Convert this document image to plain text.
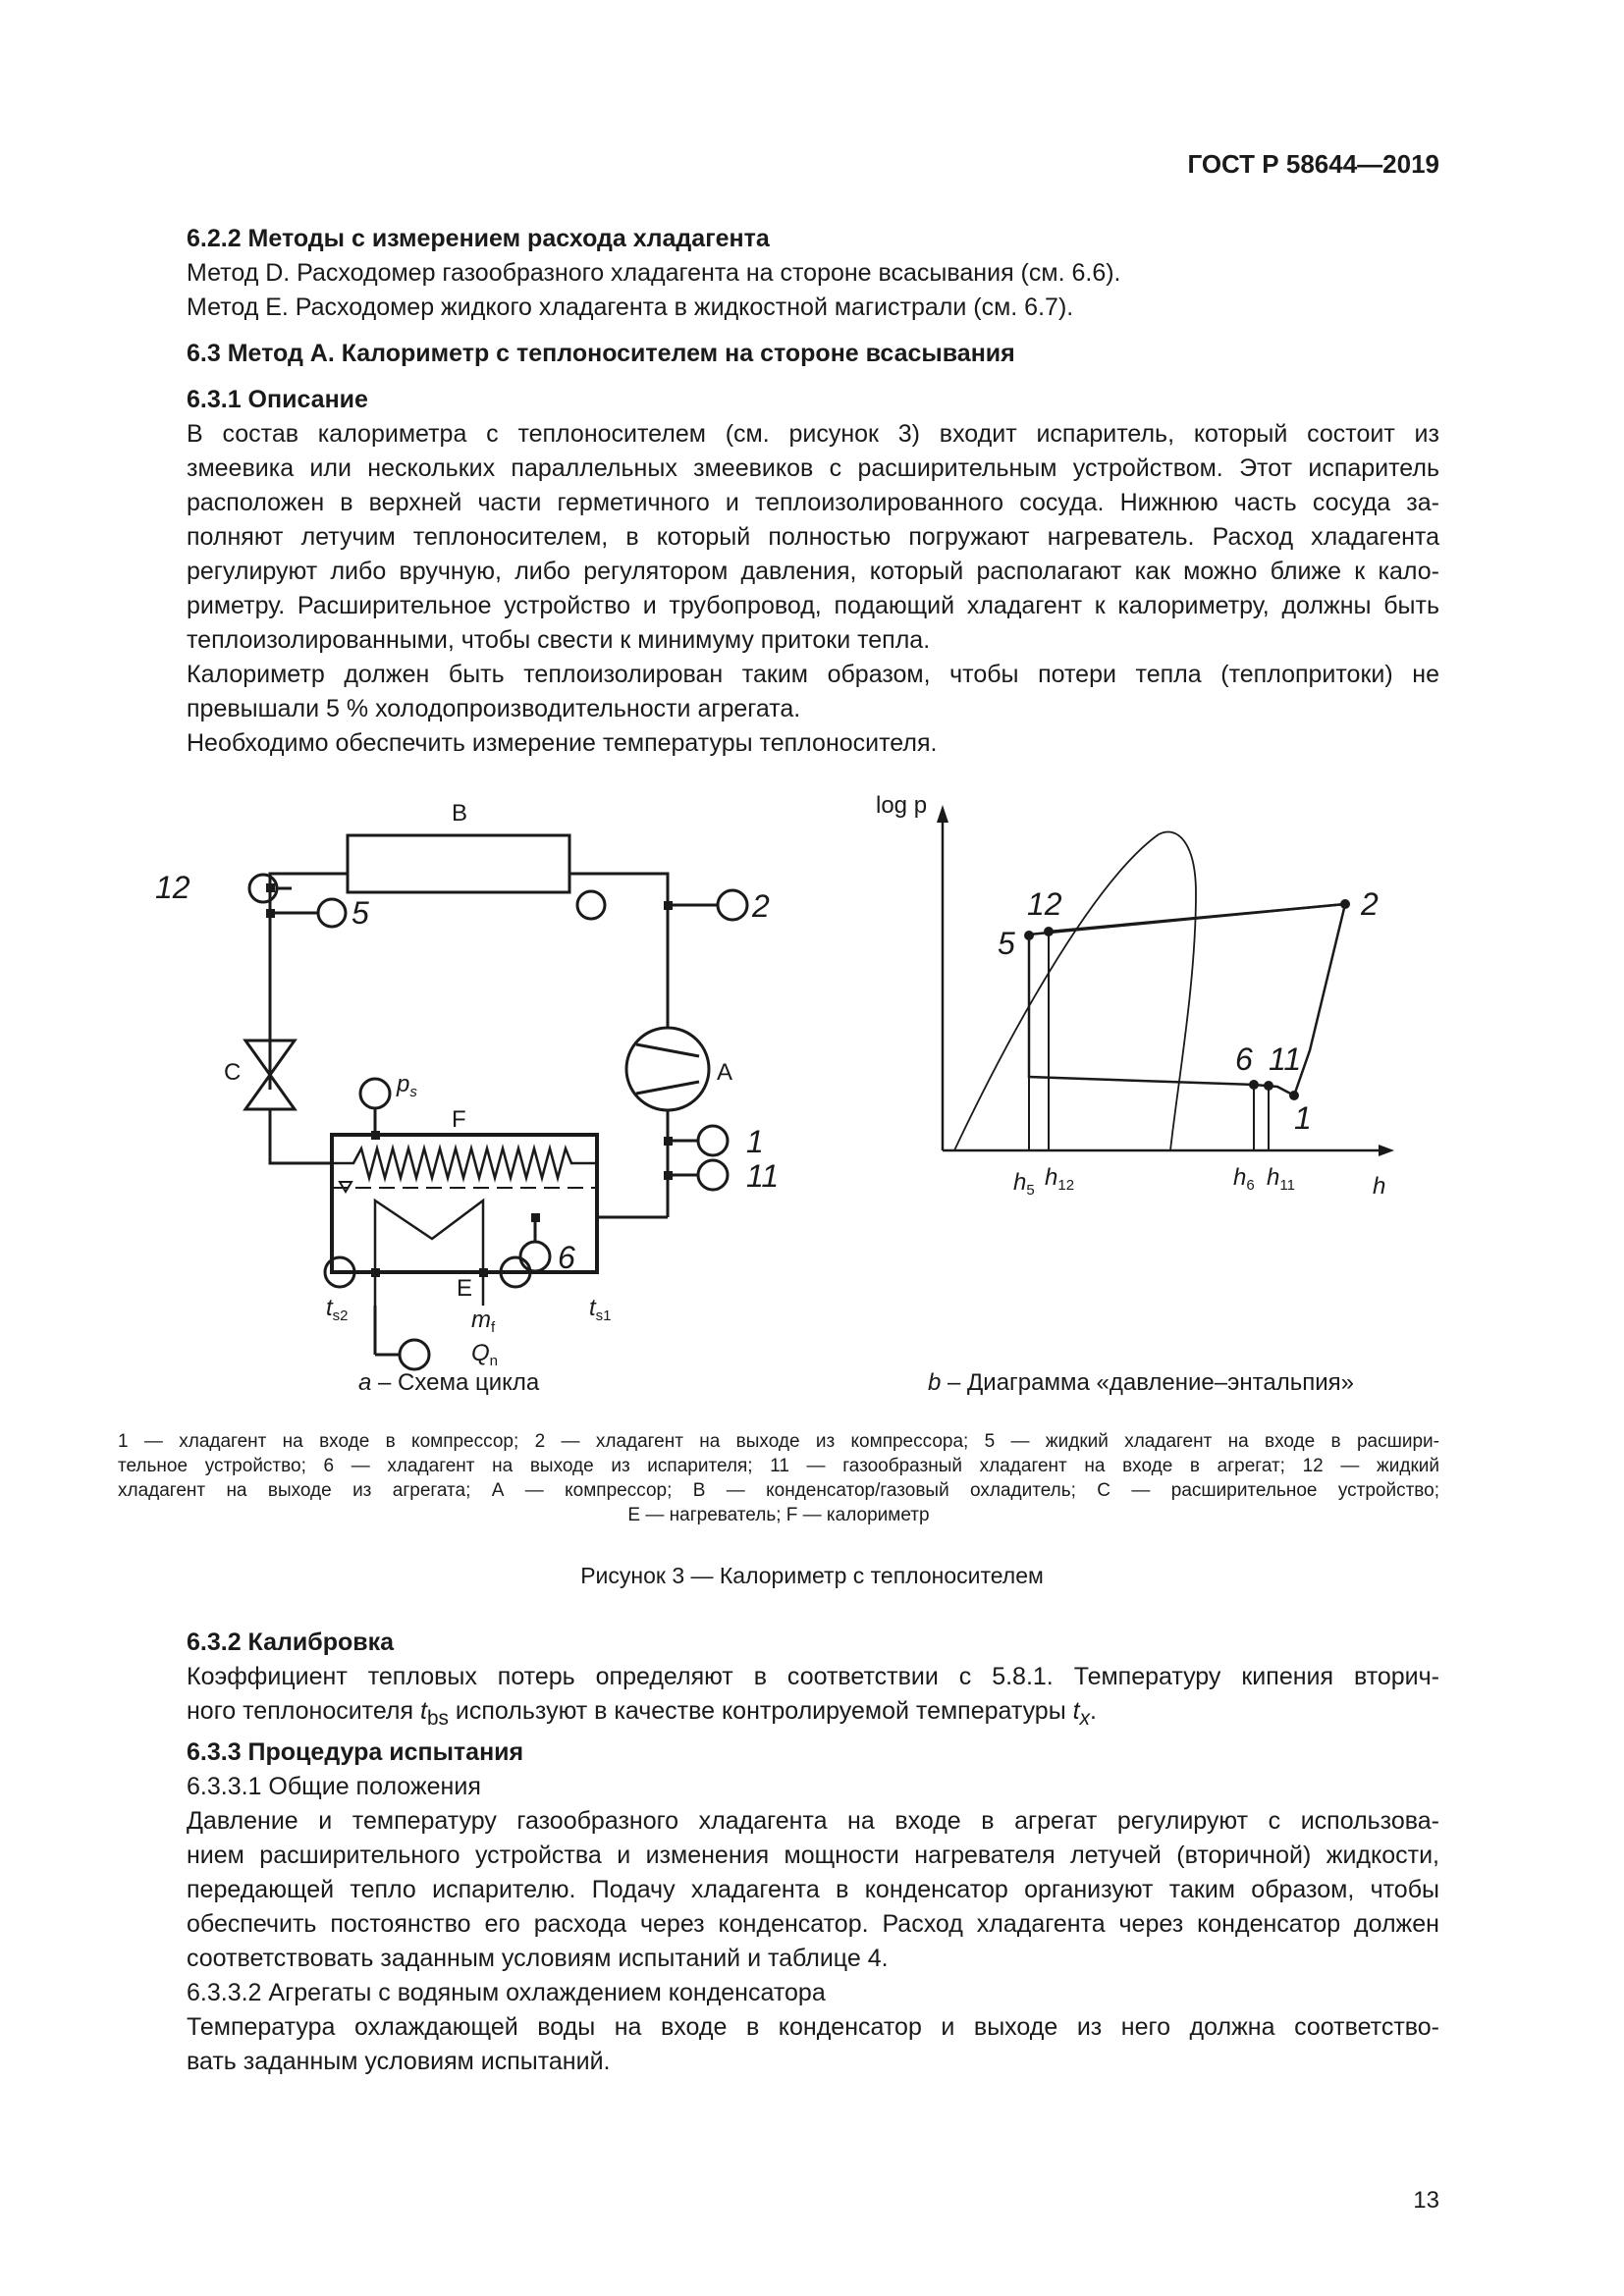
ГОСТ Р 58644—2019

6.2.2 Методы с измерением расхода хладагента

Метод D. Расходомер газообразного хладагента на стороне всасывания (см. 6.6).

Метод E. Расходомер жидкого хладагента в жидкостной магистрали (см. 6.7).

6.3 Метод А. Калориметр с теплоносителем на стороне всасывания

6.3.1 Описание

В состав калориметра с теплоносителем (см. рисунок 3) входит испаритель, который состоит из

змеевика или нескольких параллельных змеевиков с расширительным устройством. Этот испаритель

расположен в верхней части герметичного и теплоизолированного сосуда. Нижнюю часть сосуда за-

полняют летучим теплоносителем, в который полностью погружают нагреватель. Расход хладагента

регулируют либо вручную, либо регулятором давления, который располагают как можно ближе к кало-

риметру. Расширительное устройство и трубопровод, подающий хладагент к калориметру, должны быть

теплоизолированными, чтобы свести к минимуму притоки тепла.

Калориметр должен быть теплоизолирован таким образом, чтобы потери тепла (теплопритоки) не

превышали 5 % холодопроизводительности агрегата.

Необходимо обеспечить измерение температуры теплоносителя.

B
A
C
F
E
12
5	2
1
11
6
$p_s$
$t_{s2}$	$t_{s1}$
$m_f$
$Q_n$
log p
h
12
5
2
6 11
1
$h_5$ $h_{12}$	$h_6$ $h_{11}$
a – Схема цикла	b – Диаграмма «давление–энтальпия»
1 — хладагент на входе в компрессор; 2 — хладагент на выходе из компрессора; 5 — жидкий хладагент на входе в расшири-
тельное устройство; 6 — хладагент на выходе из испарителя; 11 — газообразный хладагент на входе в агрегат; 12 — жидкий
хладагент на выходе из агрегата; А — компрессор; В — конденсатор/газовый охладитель; С — расширительное устройство;
Е — нагреватель; F — калориметр
Рисунок 3 — Калориметр с теплоносителем

6.3.2 Калибровка

Коэффициент тепловых потерь определяют в соответствии с 5.8.1. Температуру кипения вторич-

ного теплоносителя $t_{bs}$ используют в качестве контролируемой температуры $t_x$.

6.3.3 Процедура испытания

6.3.3.1 Общие положения

Давление и температуру газообразного хладагента на входе в агрегат регулируют с использова-

нием расширительного устройства и изменения мощности нагревателя летучей (вторичной) жидкости,

передающей тепло испарителю. Подачу хладагента в конденсатор организуют таким образом, чтобы

обеспечить постоянство его расхода через конденсатор. Расход хладагента через конденсатор должен

соответствовать заданным условиям испытаний и таблице 4.

6.3.3.2 Агрегаты с водяным охлаждением конденсатора

Температура охлаждающей воды на входе в конденсатор и выходе из него должна соответство-

вать заданным условиям испытаний.

13
